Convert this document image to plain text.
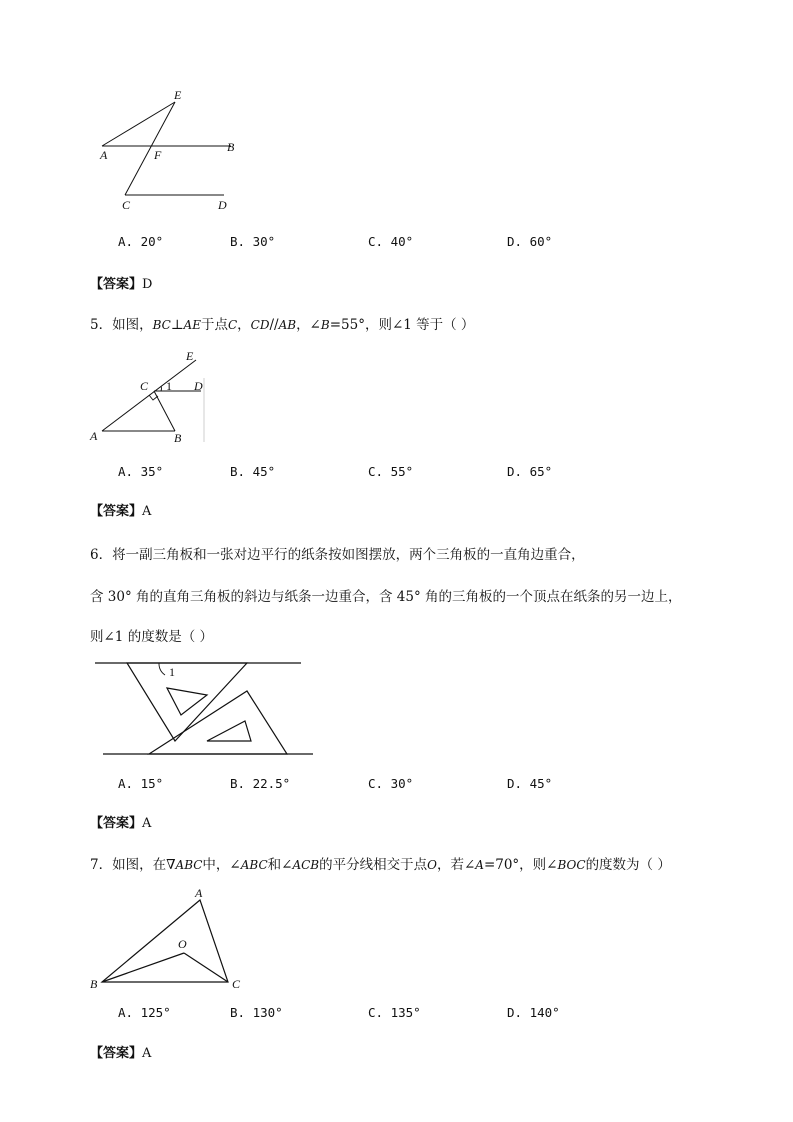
E
A	F
B
C	D
A. 20°	B. 30°	C. 40°	D. 60°
【答案】D
5．如图，BC⊥AE于点C，CD//AB，∠B=55°，则∠1 等于（ ）
E
C 1 D
A	B
A. 35°	B. 45°	C. 55°	D. 65°
【答案】A
6．将一副三角板和一张对边平行的纸条按如图摆放，两个三角板的一直角边重合，
含 30° 角的直角三角板的斜边与纸条一边重合，含 45° 角的三角板的一个顶点在纸条的另一边上，
则∠1 的度数是（ ）
1
A. 15°	B. 22.5°	C. 30°	D. 45°
【答案】A
7．如图，在∇ABC中，∠ABC和∠ACB的平分线相交于点O，若∠A=70°，则∠BOC的度数为（ ）
A
O
B	C
A. 125°	B. 130°	C. 135°	D. 140°
【答案】A
